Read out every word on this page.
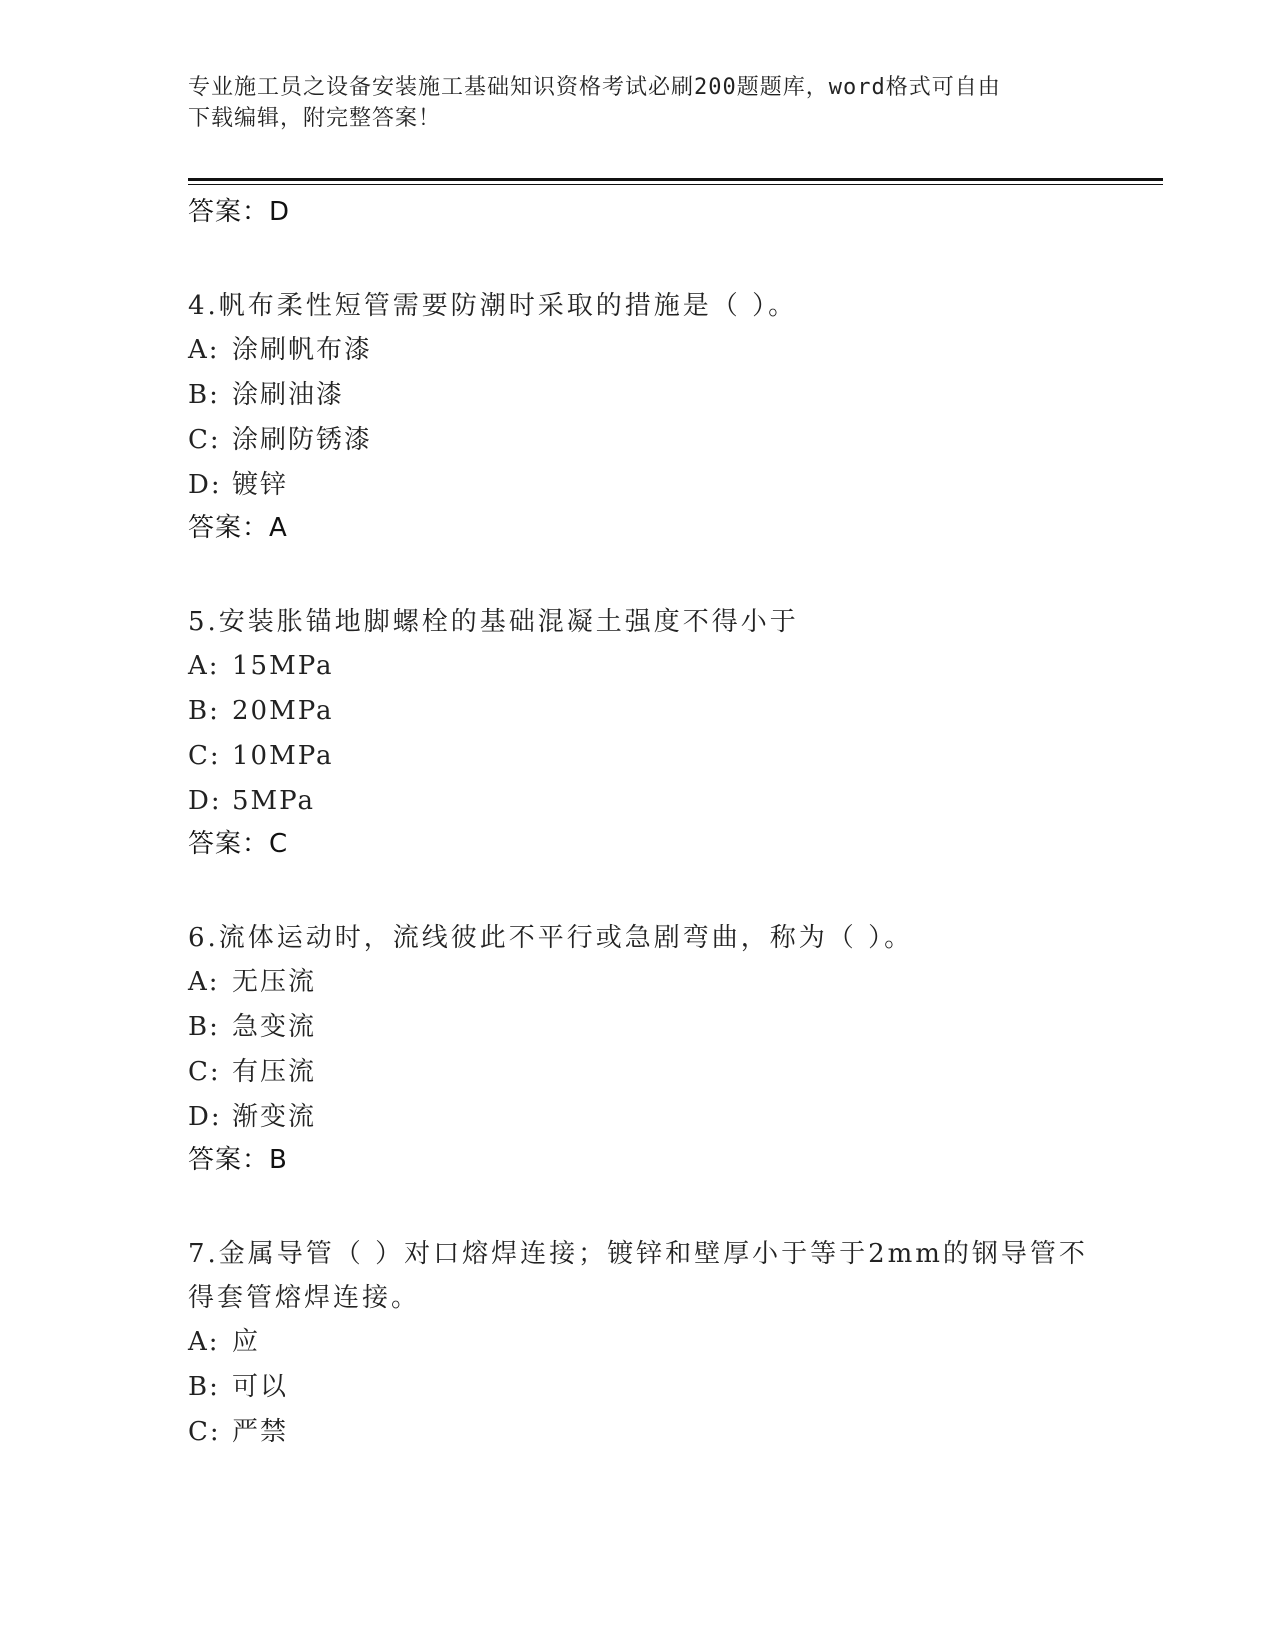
专业施工员之设备安装施工基础知识资格考试必刷200题题库，word格式可自由
下载编辑，附完整答案！

答案：D

4.帆布柔性短管需要防潮时采取的措施是（ ）。

A: 涂刷帆布漆

B: 涂刷油漆

C: 涂刷防锈漆

D: 镀锌

答案：A

5.安装胀锚地脚螺栓的基础混凝土强度不得小于

A: 15MPa

B: 20MPa

C: 10MPa

D: 5MPa

答案：C

6.流体运动时，流线彼此不平行或急剧弯曲，称为（ ）。

A: 无压流

B: 急变流

C: 有压流

D: 渐变流

答案：B

7.金属导管（ ）对口熔焊连接；镀锌和壁厚小于等于2mm的钢导管不

得套管熔焊连接。

A: 应

B: 可以

C: 严禁
